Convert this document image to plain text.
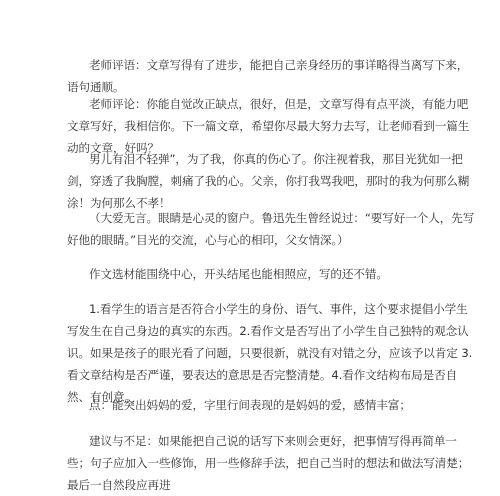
老师评语：文章写得有了进步，能把自己亲身经历的事详略得当离写下来，语句通顺。

老师评论：你能自觉改正缺点，很好，但是，文章写得有点平淡，有能力吧文章写好，我相信你。下一篇文章，希望你尽最大努力去写，让老师看到一篇生动的文章，好吗？

男儿有泪不轻弹”，为了我，你真的伤心了。你注视着我，那目光犹如一把剑，穿透了我胸膛，刺痛了我的心。父亲，你打我骂我吧，那时的我为何那么糊涂！为何那么不孝！

（大爱无言。眼睛是心灵的窗户。鲁迅先生曾经说过：“要写好一个人，先写好他的眼睛。”目光的交流，心与心的相印，父女情深。）

作文选材能围绕中心，开头结尾也能相照应，写的还不错。

1.看学生的语言是否符合小学生的身份、语气、事件，这个要求提倡小学生写发生在自己身边的真实的东西。2.看作文是否写出了小学生自己独特的观念认识。如果是孩子的眼光看了问题，只要很新，就没有对错之分，应该予以肯定 3.看文章结构是否严谨，要表达的意思是否完整清楚。4.看作文结构布局是否自然、有创意。

点：能突出妈妈的爱，字里行间表现的是妈妈的爱，感情丰富；

建议与不足：如果能把自己说的话写下来则会更好，把事情写得再简单一些；句子应加入一些修饰，用一些修辞手法，把自己当时的想法和做法写清楚；最后一自然段应再进
